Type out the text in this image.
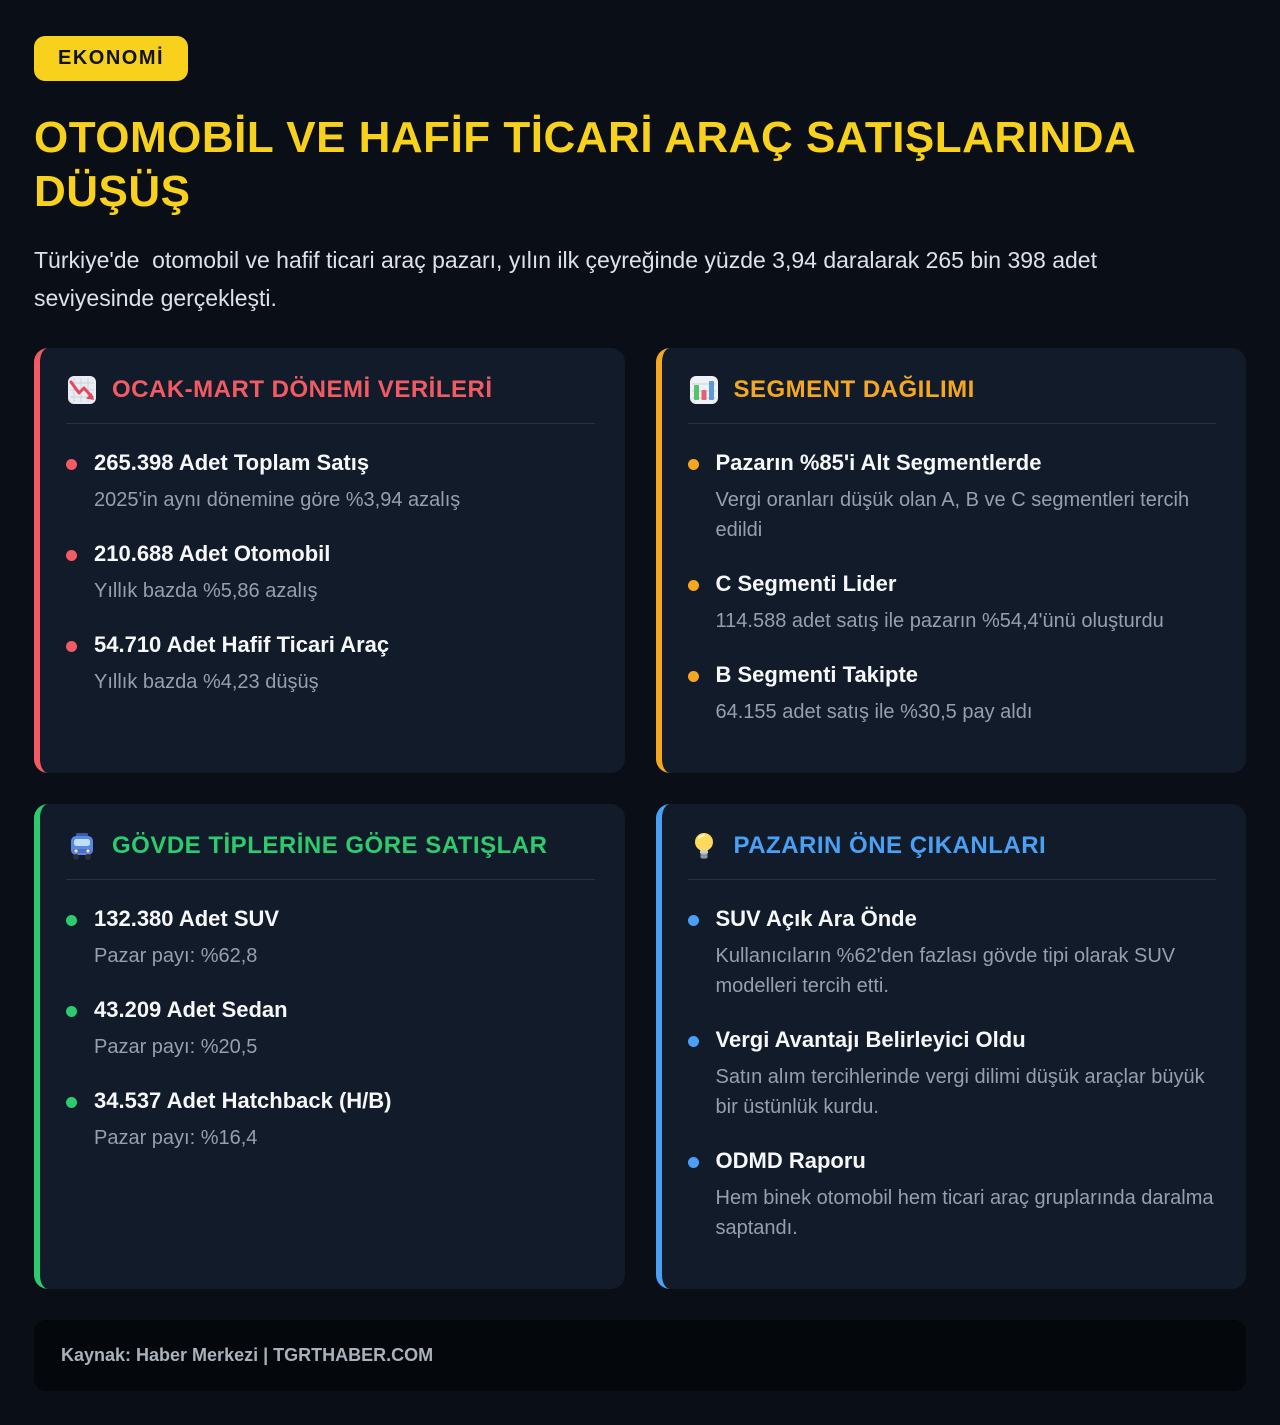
EKONOMİ
OTOMOBİL VE HAFİF TİCARİ ARAÇ SATIŞLARINDA DÜŞÜŞ

Türkiye'de  otomobil ve hafif ticari araç pazarı, yılın ilk çeyreğinde yüzde 3,94 daralarak 265 bin 398 adet seviyesinde gerçekleşti.

OCAK-MART DÖNEMİ VERİLERİ
265.398 Adet Toplam Satış
2025'in aynı dönemine göre %3,94 azalış
210.688 Adet Otomobil
Yıllık bazda %5,86 azalış
54.710 Adet Hafif Ticari Araç
Yıllık bazda %4,23 düşüş
SEGMENT DAĞILIMI
Pazarın %85'i Alt Segmentlerde
Vergi oranları düşük olan A, B ve C segmentleri tercih edildi
C Segmenti Lider
114.588 adet satış ile pazarın %54,4'ünü oluşturdu
B Segmenti Takipte
64.155 adet satış ile %30,5 pay aldı
GÖVDE TİPLERİNE GÖRE SATIŞLAR
132.380 Adet SUV
Pazar payı: %62,8
43.209 Adet Sedan
Pazar payı: %20,5
34.537 Adet Hatchback (H/B)
Pazar payı: %16,4
PAZARIN ÖNE ÇIKANLARI
SUV Açık Ara Önde
Kullanıcıların %62'den fazlası gövde tipi olarak SUV modelleri tercih etti.
Vergi Avantajı Belirleyici Oldu
Satın alım tercihlerinde vergi dilimi düşük araçlar büyük bir üstünlük kurdu.
ODMD Raporu
Hem binek otomobil hem ticari araç gruplarında daralma saptandı.
Kaynak: Haber Merkezi | TGRTHABER.COM
